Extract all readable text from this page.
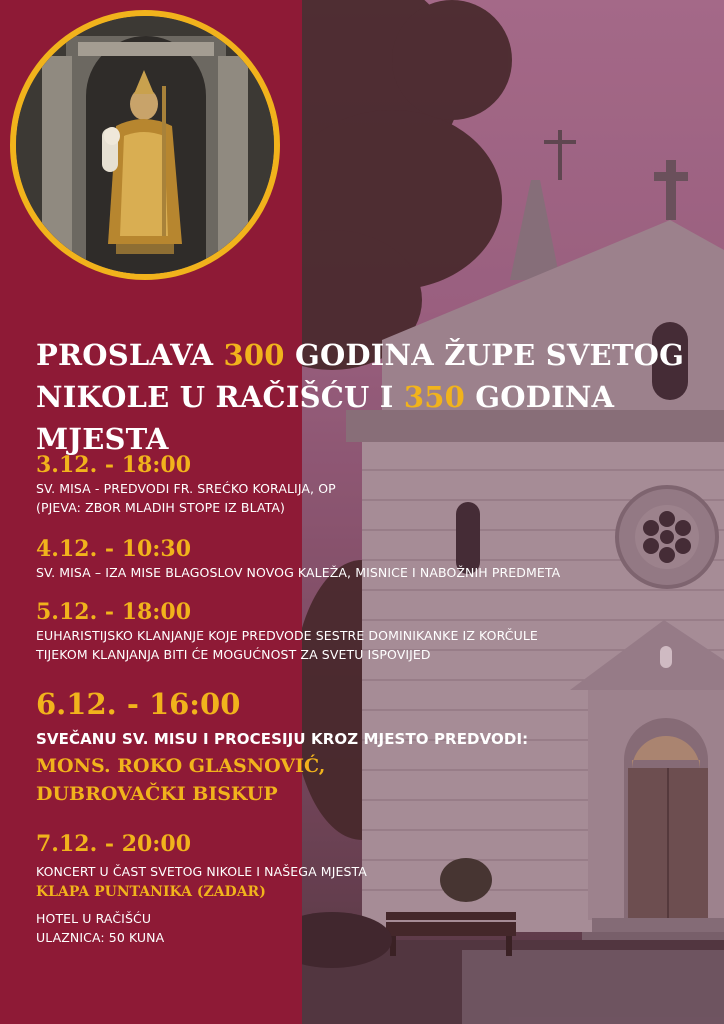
PROSLAVA 300 GODINA ŽUPE SVETOG
NIKOLE U RAČIŠĆU I 350 GODINA MJESTA
3.12. - 18:00
SV. MISA - PREDVODI FR. SREĆKO KORALIJA, OP
(PJEVA: ZBOR MLADIH STOPE IZ BLATA)
4.12. - 10:30
SV. MISA – IZA MISE BLAGOSLOV NOVOG KALEŽA, MISNICE I NABOŽNIH PREDMETA
5.12. - 18:00
EUHARISTIJSKO KLANJANJE KOJE PREDVODE SESTRE DOMINIKANKE IZ KORČULE
TIJEKOM KLANJANJA BITI ĆE MOGUĆNOST ZA SVETU ISPOVIJED
6.12. - 16:00
SVEČANU SV. MISU I PROCESIJU KROZ MJESTO PREDVODI:
MONS. ROKO GLASNOVIĆ,
DUBROVAČKI BISKUP
7.12. - 20:00
KONCERT U ČAST SVETOG NIKOLE I NAŠEGA MJESTA
KLAPA PUNTANIKA (ZADAR)
HOTEL U RAČIŠĆU
ULAZNICA: 50 KUNA
